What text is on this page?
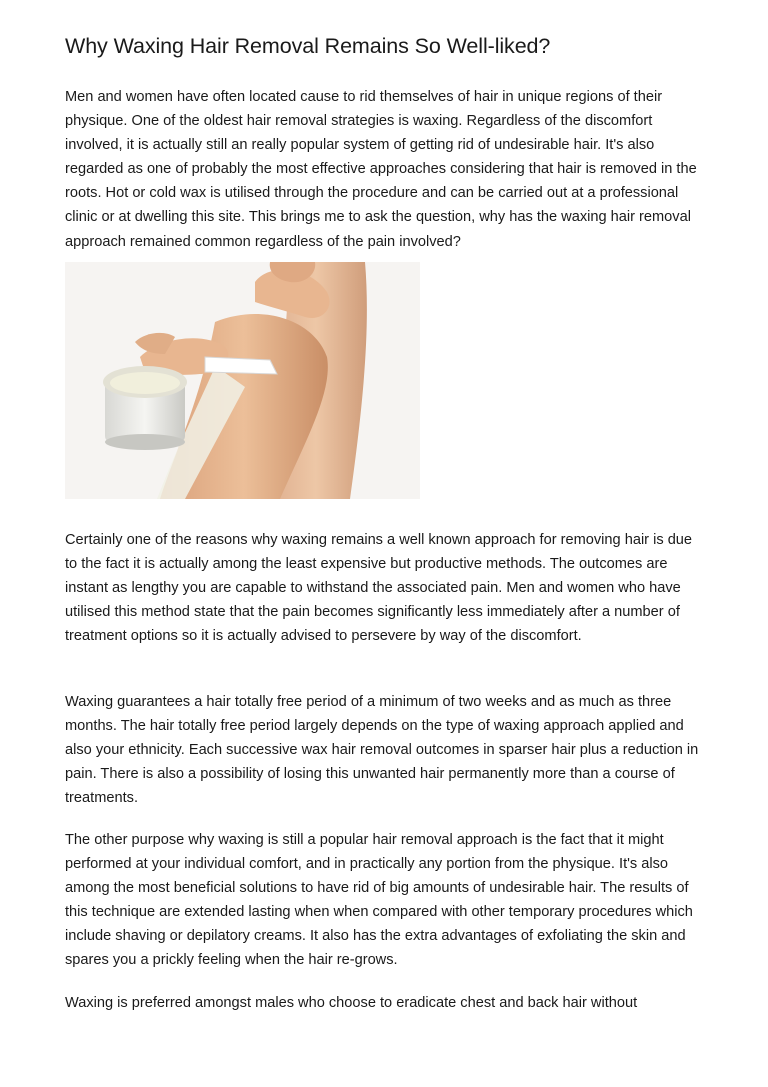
Why Waxing Hair Removal Remains So Well-liked?

Men and women have often located cause to rid themselves of hair in unique regions of their physique. One of the oldest hair removal strategies is waxing. Regardless of the discomfort involved, it is actually still an really popular system of getting rid of undesirable hair. It's also regarded as one of probably the most effective approaches considering that hair is removed in the roots. Hot or cold wax is utilised through the procedure and can be carried out at a professional clinic or at dwelling this site. This brings me to ask the question, why has the waxing hair removal approach remained common regardless of the pain involved?

Certainly one of the reasons why waxing remains a well known approach for removing hair is due to the fact it is actually among the least expensive but productive methods. The outcomes are instant as lengthy you are capable to withstand the associated pain. Men and women who have utilised this method state that the pain becomes significantly less immediately after a number of treatment options so it is actually advised to persevere by way of the discomfort.

Waxing guarantees a hair totally free period of a minimum of two weeks and as much as three months. The hair totally free period largely depends on the type of waxing approach applied and also your ethnicity. Each successive wax hair removal outcomes in sparser hair plus a reduction in pain. There is also a possibility of losing this unwanted hair permanently more than a course of treatments.

The other purpose why waxing is still a popular hair removal approach is the fact that it might performed at your individual comfort, and in practically any portion from the physique. It's also among the most beneficial solutions to have rid of big amounts of undesirable hair. The results of this technique are extended lasting when when compared with other temporary procedures which include shaving or depilatory creams. It also has the extra advantages of exfoliating the skin and spares you a prickly feeling when the hair re-grows.

Waxing is preferred amongst males who choose to eradicate chest and back hair without
